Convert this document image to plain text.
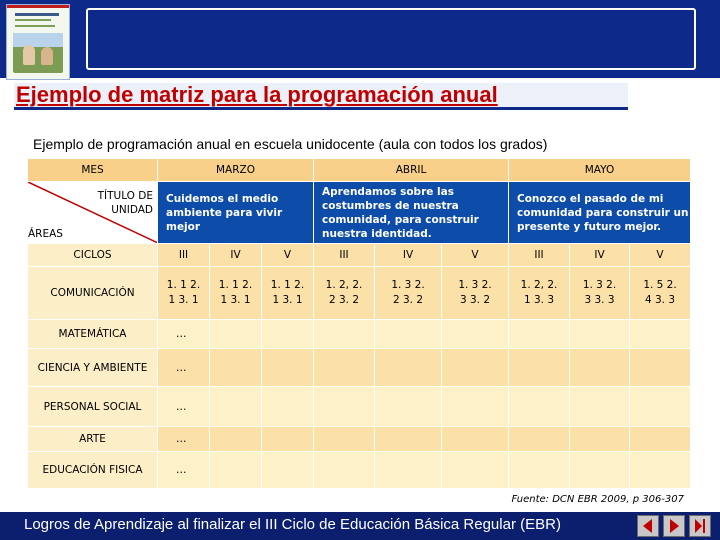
Ejemplo de matriz para la programación anual
Ejemplo de programación anual en escuela unidocente (aula con todos los grados)
MES	MARZO			ABRIL			MAYO		

TÍTULO DE UNIDAD
ÁREAS	Cuidemos el medio ambiente para vivir mejor			Aprendamos sobre las costumbres de nuestra comunidad, para construir nuestra identidad.			Conozco el pasado de mi comunidad para construir un presente y futuro mejor.		
CICLOS	III	IV	V	III	IV	V	III	IV	V
COMUNICACIÓN	1. 1 2. 1 3. 1	1. 1 2. 1 3. 1	1. 1 2. 1 3. 1	1. 2, 2. 2 3. 2	1. 3 2. 2 3. 2	1. 3 2. 3 3. 2	1. 2, 2. 1 3. 3	1. 3 2. 3 3. 3	1. 5 2. 4 3. 3

MATEMÁTICA	…								
CIENCIA Y AMBIENTE	…								
PERSONAL SOCIAL	…								
ARTE	…								
EDUCACIÓN FISICA	…								
Fuente: DCN EBR 2009, p 306-307
Logros de Aprendizaje al finalizar el III Ciclo de Educación Básica Regular (EBR)
